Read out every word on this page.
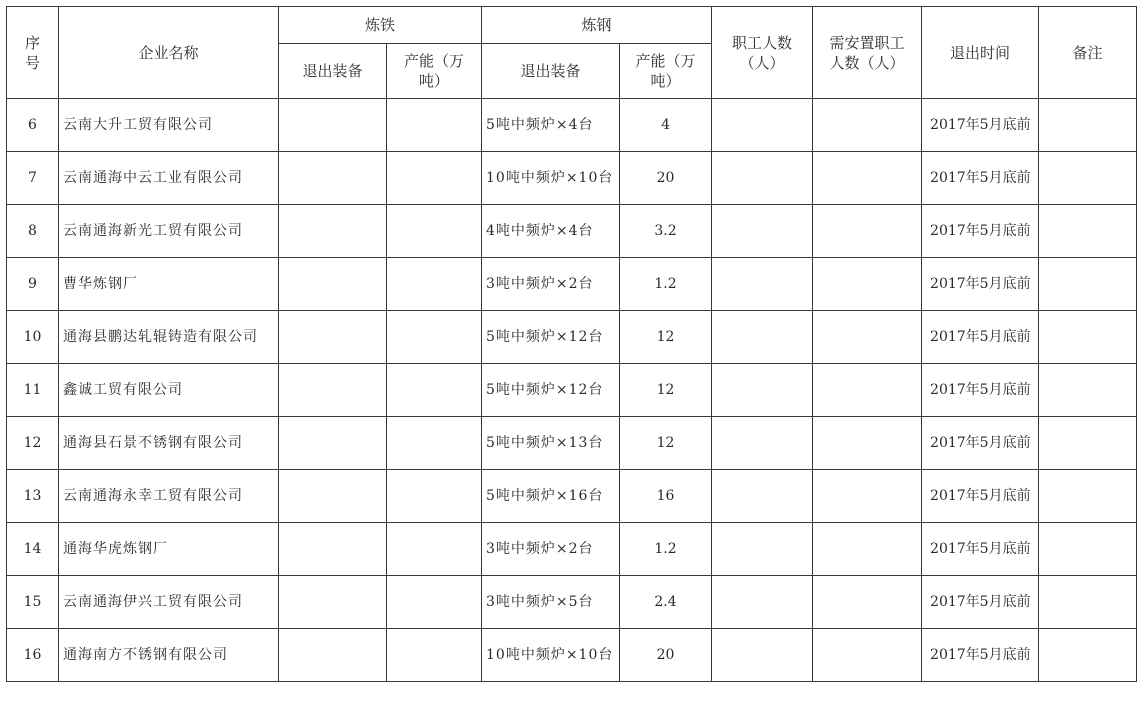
序号	企业名称	炼铁		炼钢		职工人数（人）	需安置职工人数（人）	退出时间	备注
		退出装备	产能（万吨）	退出装备	产能（万吨）				
6	云南大升工贸有限公司			5吨中频炉×4台	4			2017年5月底前	
7	云南通海中云工业有限公司			10吨中频炉×10台	20			2017年5月底前	
8	云南通海新光工贸有限公司			4吨中频炉×4台	3.2			2017年5月底前	
9	曹华炼钢厂			3吨中频炉×2台	1.2			2017年5月底前	
10	通海县鹏达轧辊铸造有限公司			5吨中频炉×12台	12			2017年5月底前	
11	鑫诚工贸有限公司			5吨中频炉×12台	12			2017年5月底前	
12	通海县石景不锈钢有限公司			5吨中频炉×13台	12			2017年5月底前	
13	云南通海永幸工贸有限公司			5吨中频炉×16台	16			2017年5月底前	
14	通海华虎炼钢厂			3吨中频炉×2台	1.2			2017年5月底前	
15	云南通海伊兴工贸有限公司			3吨中频炉×5台	2.4			2017年5月底前	
16	通海南方不锈钢有限公司			10吨中频炉×10台	20			2017年5月底前	
